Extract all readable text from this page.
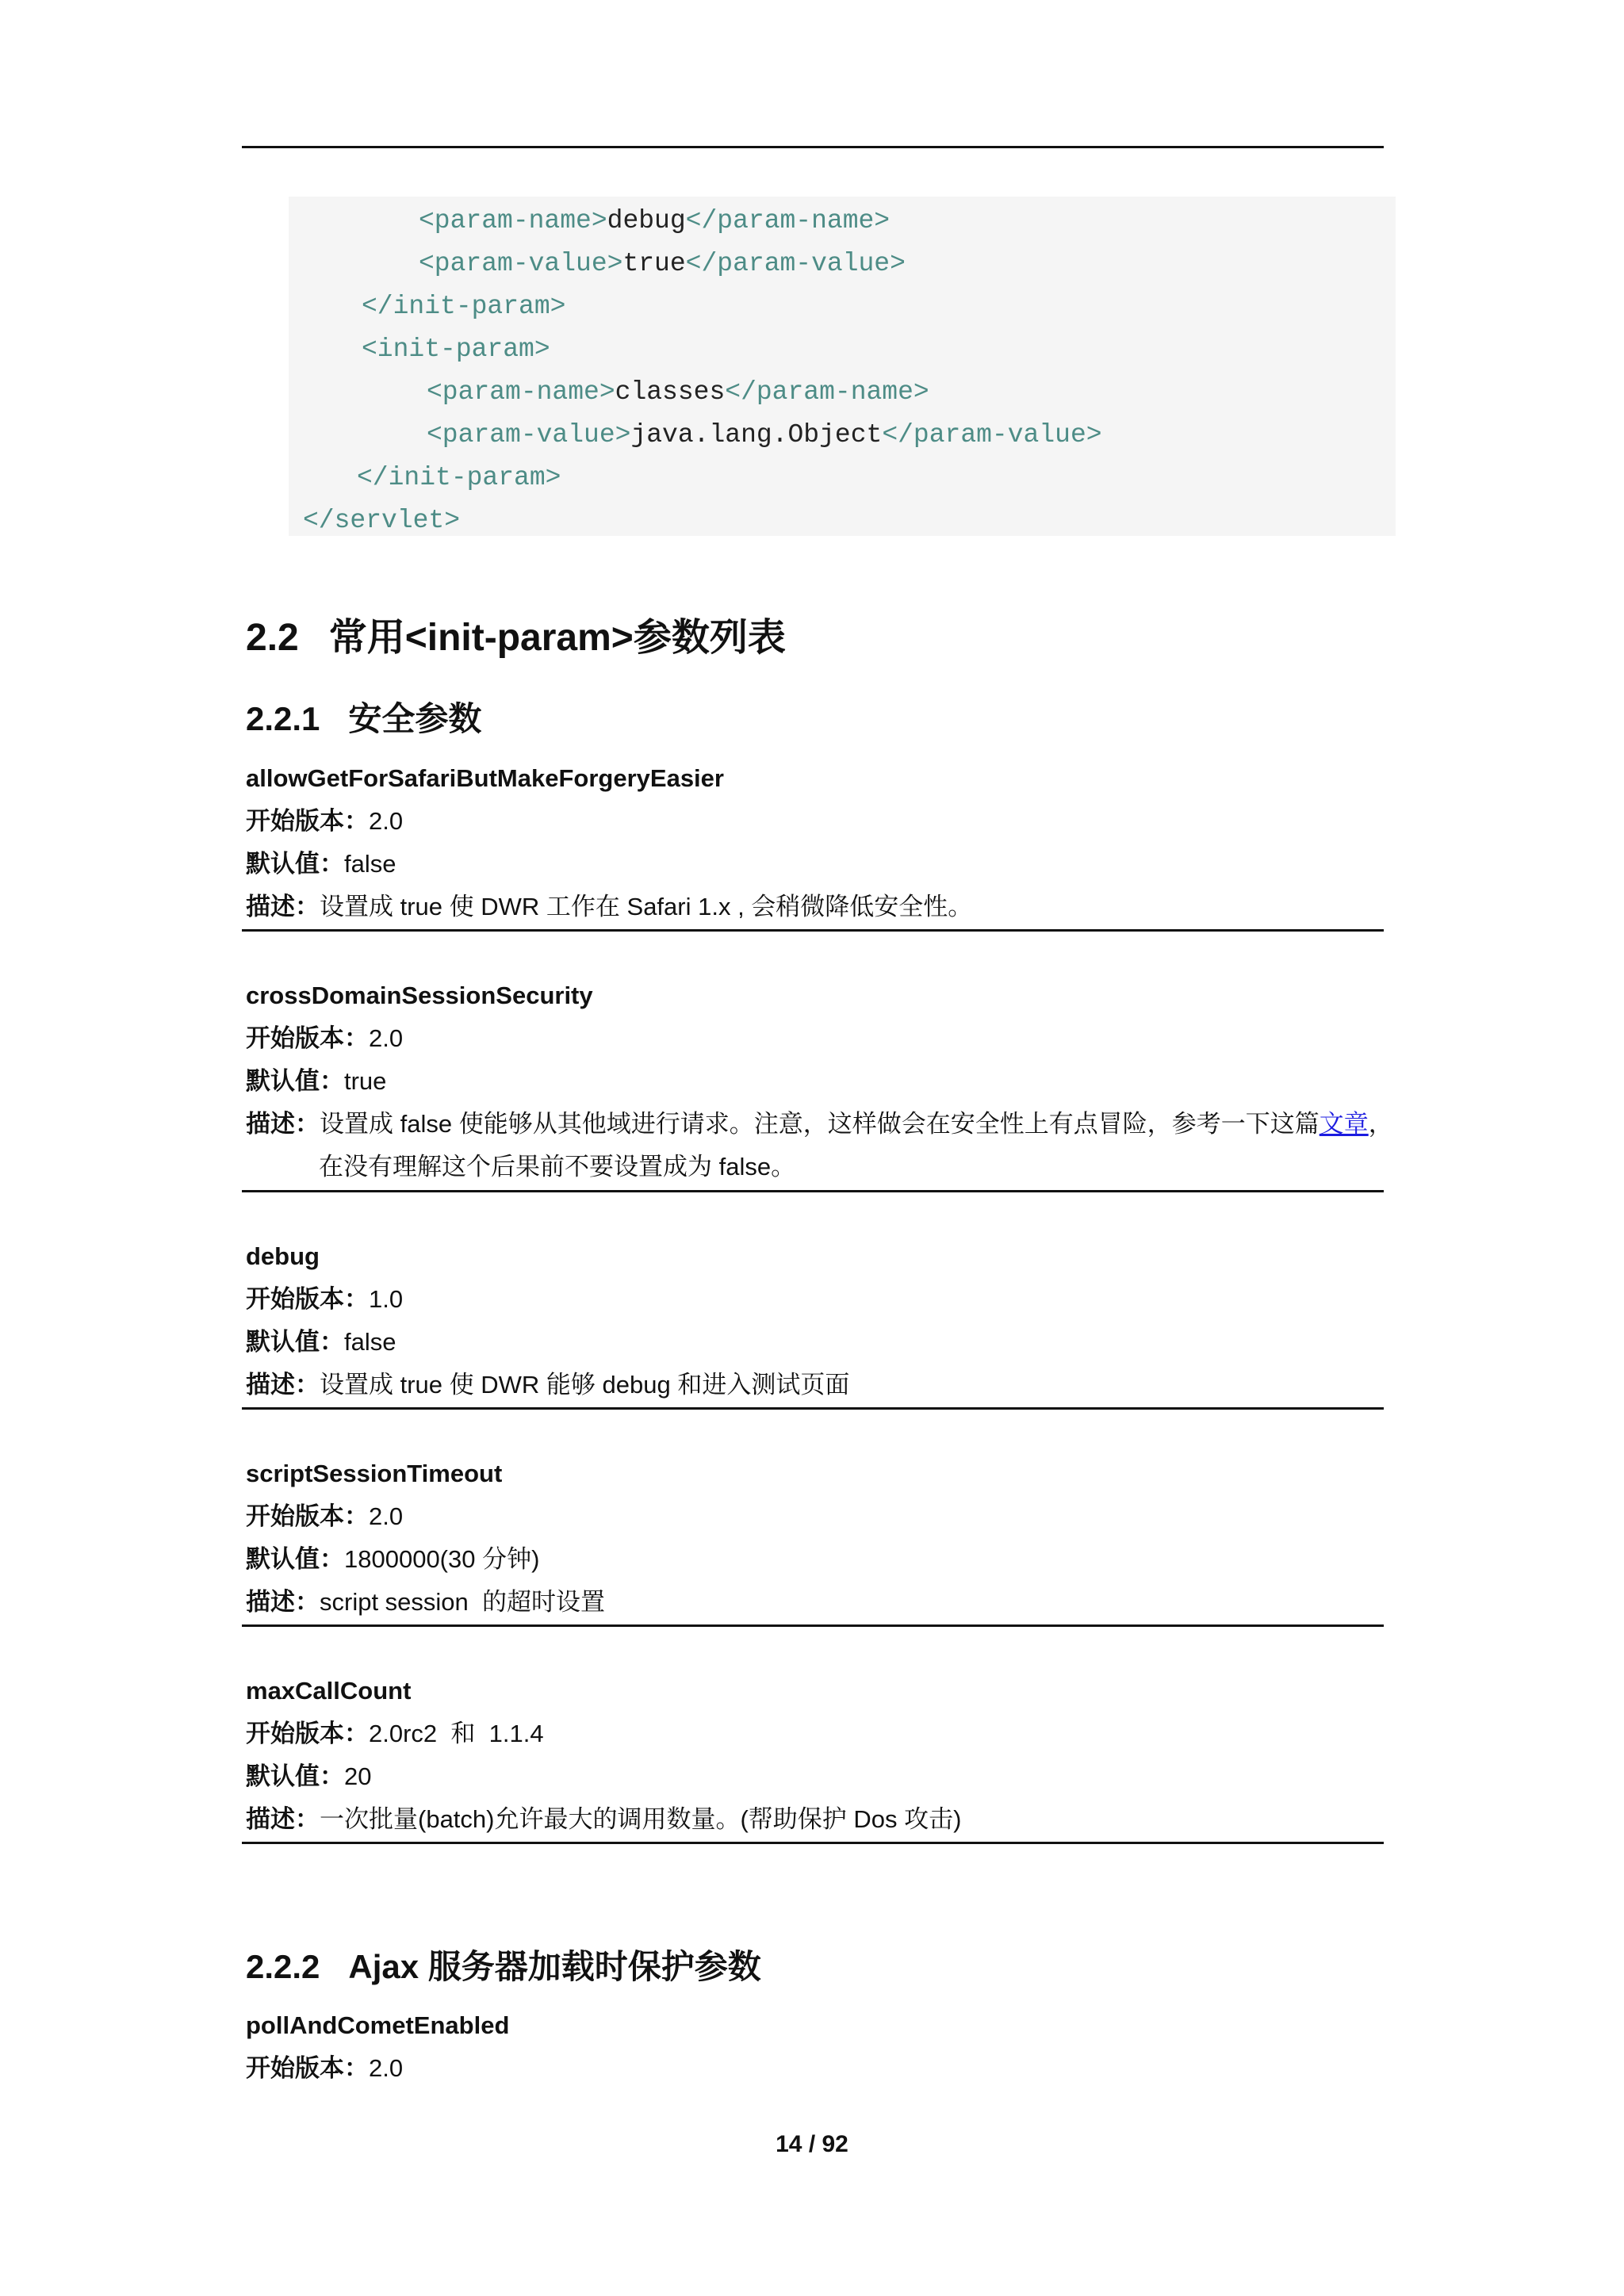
<param-name>debug</param-name>
<param-value>true</param-value>
</init-param>
<init-param>
<param-name>classes</param-name>
<param-value>java.lang.Object</param-value>
</init-param>
</servlet>
2.2 常用<init-param>参数列表
2.2.1 安全参数
allowGetForSafariButMakeForgeryEasier
开始版本：2.0
默认值：false
描述：设置成 true 使 DWR 工作在 Safari 1.x , 会稍微降低安全性。
crossDomainSessionSecurity
开始版本：2.0
默认值：true
描述：设置成 false 使能够从其他域进行请求。注意，这样做会在安全性上有点冒险，参考一下这篇文章，
在没有理解这个后果前不要设置成为 false。
debug
开始版本：1.0
默认值：false
描述：设置成 true 使 DWR 能够 debug 和进入测试页面
scriptSessionTimeout
开始版本：2.0
默认值：1800000(30 分钟)
描述：script session  的超时设置
maxCallCount
开始版本：2.0rc2  和  1.1.4
默认值：20
描述：一次批量(batch)允许最大的调用数量。(帮助保护 Dos 攻击)
2.2.2 Ajax 服务器加载时保护参数
pollAndCometEnabled
开始版本：2.0
14 / 92
